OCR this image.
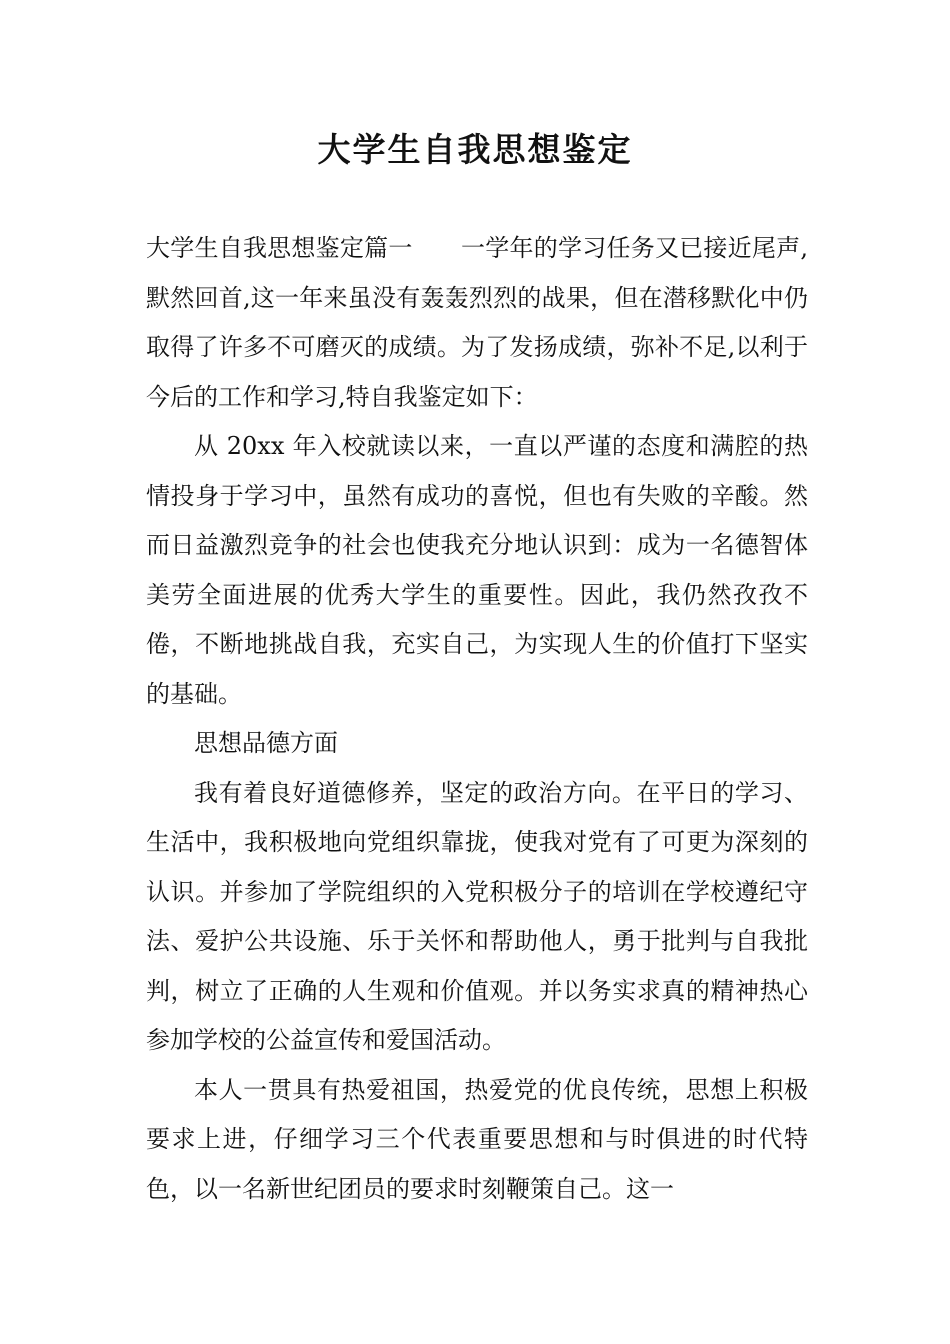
大学生自我思想鉴定

大学生自我思想鉴定篇一　　一学年的学习任务又已接近尾声,默然回首,这一年来虽没有轰轰烈烈的战果，但在潜移默化中仍取得了许多不可磨灭的成绩。为了发扬成绩，弥补不足,以利于今后的工作和学习,特自我鉴定如下：

从 20xx 年入校就读以来，一直以严谨的态度和满腔的热情投身于学习中，虽然有成功的喜悦，但也有失败的辛酸。然而日益激烈竞争的社会也使我充分地认识到：成为一名德智体美劳全面进展的优秀大学生的重要性。因此，我仍然孜孜不倦，不断地挑战自我，充实自己，为实现人生的价值打下坚实的基础。

思想品德方面

我有着良好道德修养，坚定的政治方向。在平日的学习、生活中，我积极地向党组织靠拢，使我对党有了可更为深刻的认识。并参加了学院组织的入党积极分子的培训在学校遵纪守法、爱护公共设施、乐于关怀和帮助他人，勇于批判与自我批判，树立了正确的人生观和价值观。并以务实求真的精神热心参加学校的公益宣传和爱国活动。

本人一贯具有热爱祖国，热爱党的优良传统，思想上积极要求上进，仔细学习三个代表重要思想和与时俱进的时代特色，以一名新世纪团员的要求时刻鞭策自己。这一
